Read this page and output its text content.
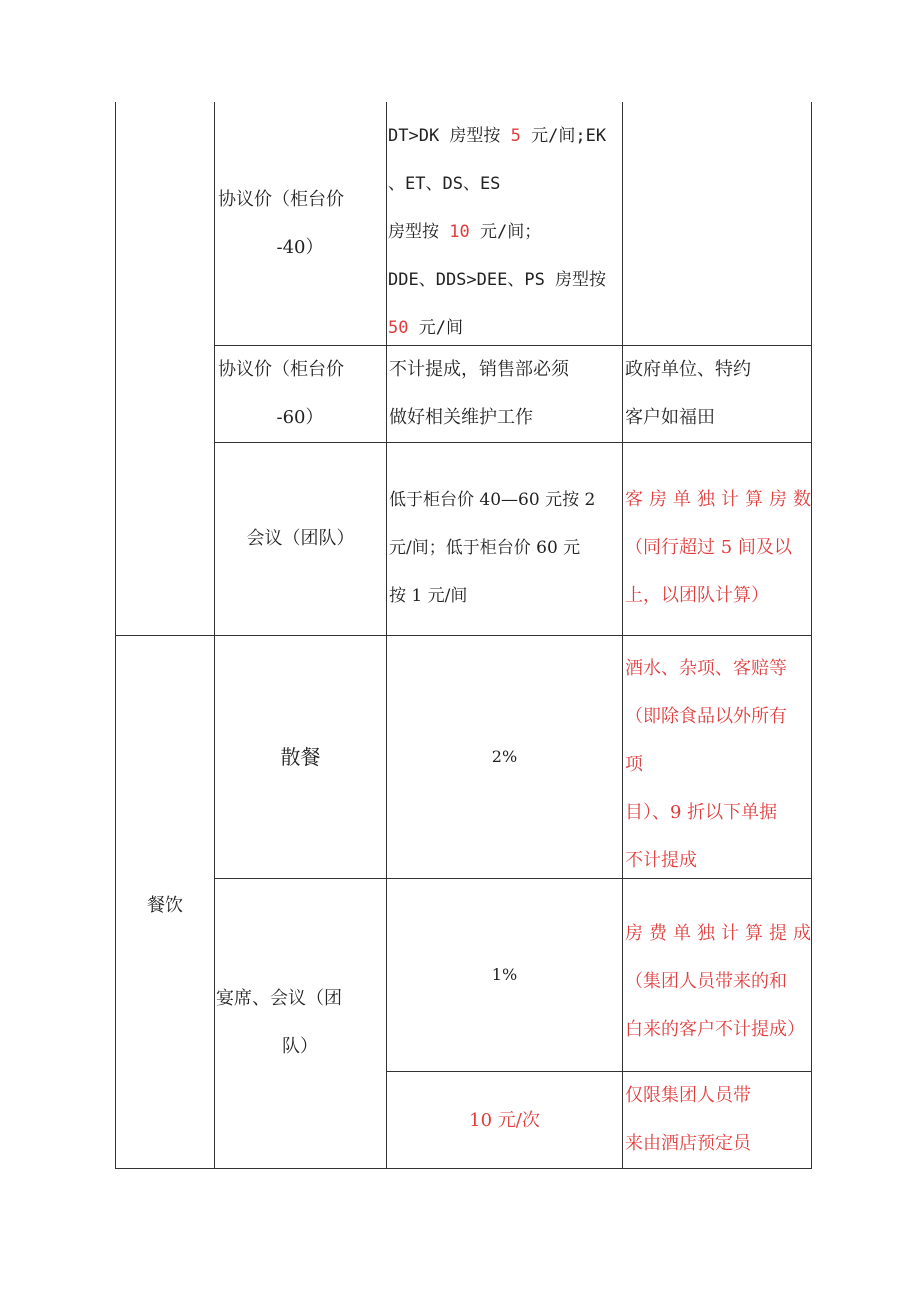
协议价（柜台价
-40）
DT>DK 房型按 5 元/间;EK
、ET、DS、ES
房型按 10 元/间；
DDE、DDS>DEE、PS 房型按
50 元/间
协议价（柜台价
-60）
不计提成，销售部必须
做好相关维护工作
政府单位、特约
客户如福田
会议（团队）
低于柜台价 40—60 元按 2
元/间；低于柜台价 60 元
按 1 元/间
客房单独计算房数
（同行超过 5 间及以
上，以团队计算）
餐饮
散餐	2%
酒水、杂项、客赔等
（即除食品以外所有
项
目）、9 折以下单据
不计提成
宴席、会议（团
队）
1%
房费单独计算提成
（集团人员带来的和
白来的客户不计提成）
10 元/次
仅限集团人员带
来由酒店预定员
